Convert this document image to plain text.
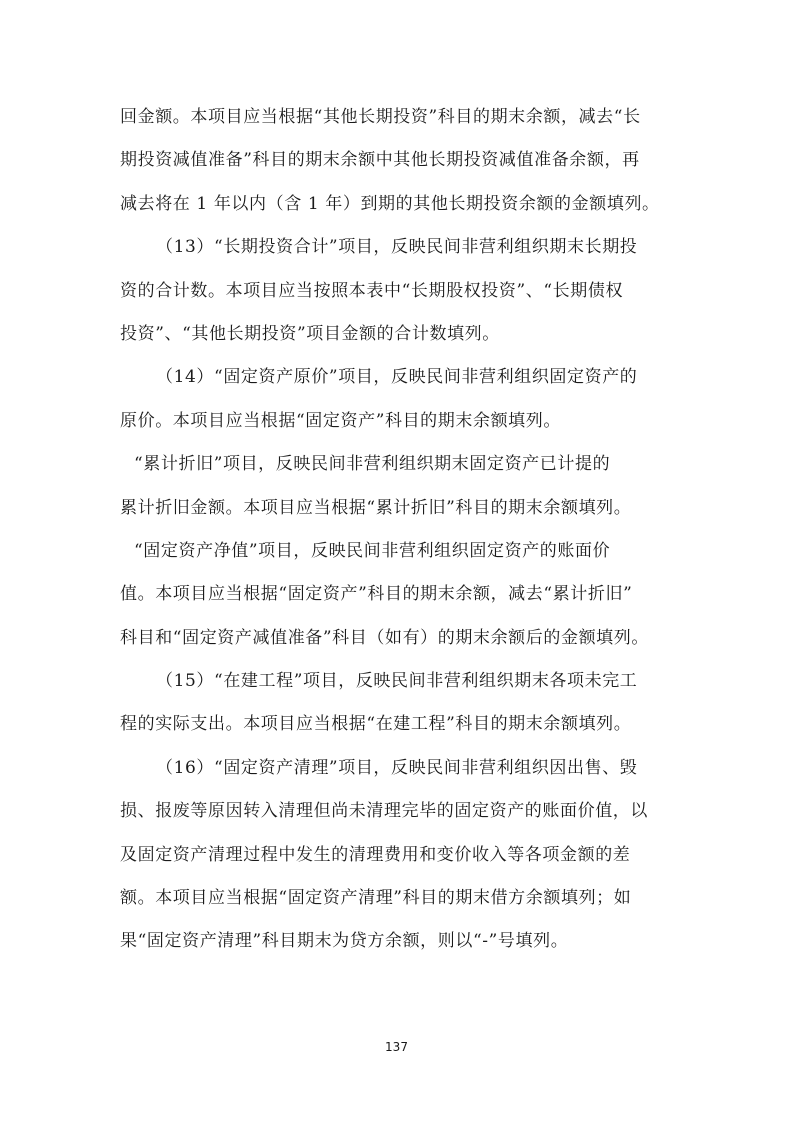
回金额。本项目应当根据“其他长期投资”科目的期末余额，减去“长
期投资减值准备”科目的期末余额中其他长期投资减值准备余额，再
减去将在 1 年以内（含 1 年）到期的其他长期投资余额的金额填列。
（13）“长期投资合计”项目，反映民间非营利组织期末长期投
资的合计数。本项目应当按照本表中“长期股权投资”、“长期债权
投资”、“其他长期投资”项目金额的合计数填列。
（14）“固定资产原价”项目，反映民间非营利组织固定资产的
原价。本项目应当根据“固定资产”科目的期末余额填列。
“累计折旧”项目，反映民间非营利组织期末固定资产已计提的
累计折旧金额。本项目应当根据“累计折旧”科目的期末余额填列。
“固定资产净值”项目，反映民间非营利组织固定资产的账面价
值。本项目应当根据“固定资产”科目的期末余额，减去“累计折旧”
科目和“固定资产减值准备”科目（如有）的期末余额后的金额填列。
（15）“在建工程”项目，反映民间非营利组织期末各项未完工
程的实际支出。本项目应当根据“在建工程”科目的期末余额填列。
（16）“固定资产清理”项目，反映民间非营利组织因出售、毁
损、报废等原因转入清理但尚未清理完毕的固定资产的账面价值，以
及固定资产清理过程中发生的清理费用和变价收入等各项金额的差
额。本项目应当根据“固定资产清理”科目的期末借方余额填列；如
果“固定资产清理”科目期末为贷方余额，则以“-”号填列。
137
